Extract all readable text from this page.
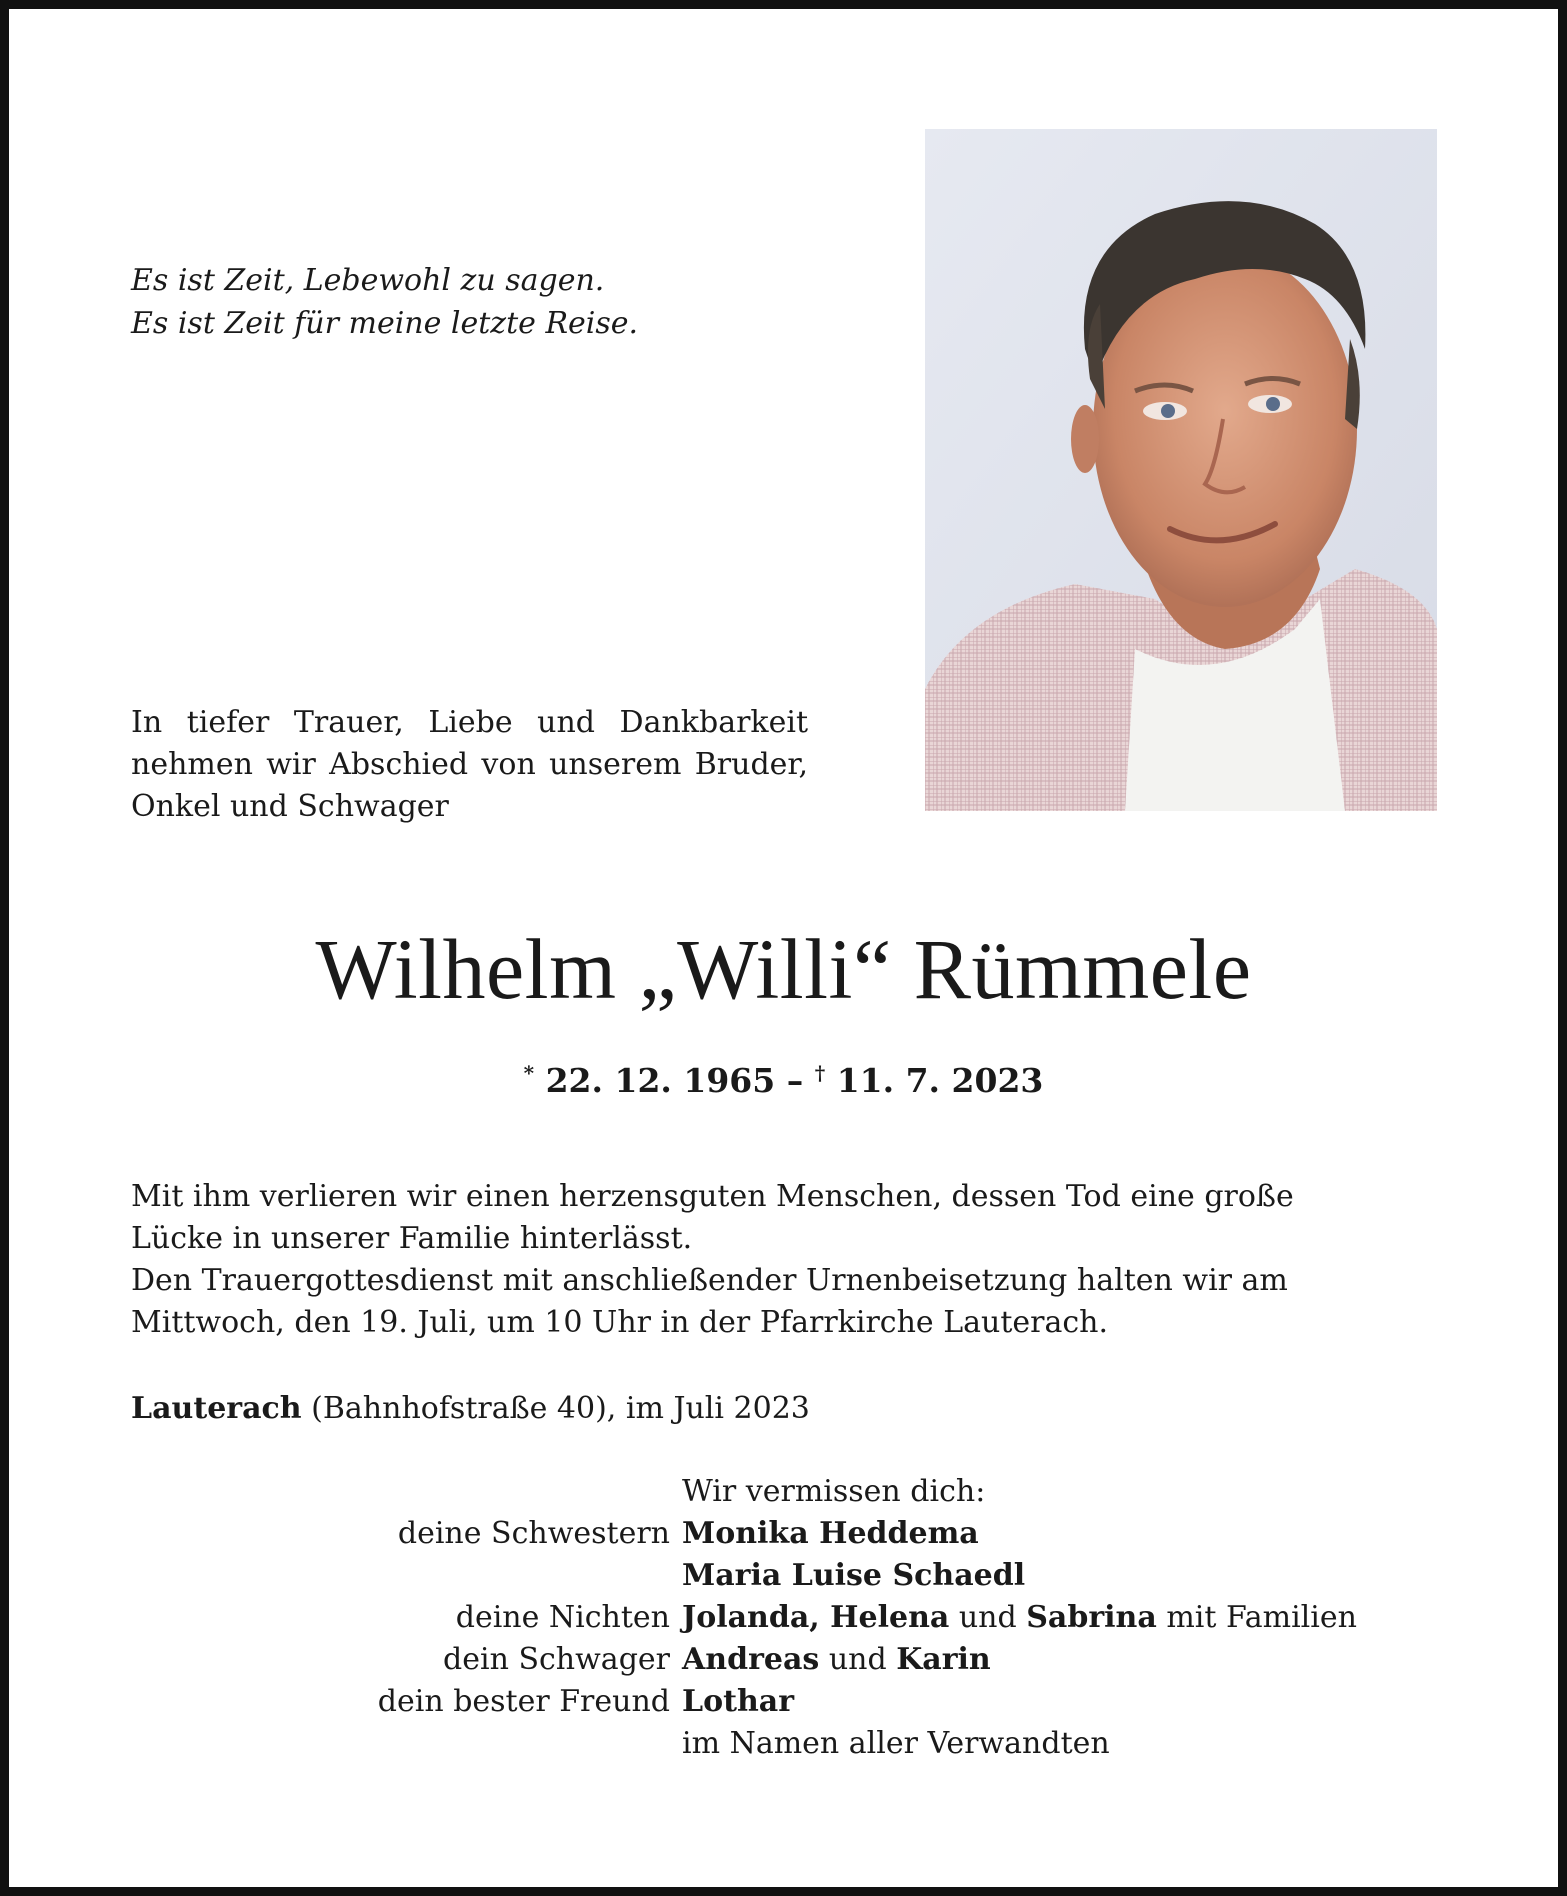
Es ist Zeit, Lebewohl zu sagen.
Es ist Zeit für meine letzte Reise.
In tiefer Trauer, Liebe und Dankbarkeit nehmen wir Abschied von unserem Bruder, Onkel und Schwager
Wilhelm „Willi“ Rümmele
* 22. 12. 1965 – † 11. 7. 2023
Mit ihm verlieren wir einen herzensguten Menschen, dessen Tod eine große
Lücke in unserer Familie hinterlässt.
Den Trauergottesdienst mit anschließender Urnenbeisetzung halten wir am
Mittwoch, den 19. Juli, um 10 Uhr in der Pfarrkirche Lauterach.
Lauterach (Bahnhofstraße 40), im Juli 2023
Wir vermissen dich:
deine Schwestern Monika Heddema
Maria Luise Schaedl
deine Nichten Jolanda, Helena und Sabrina mit Familien
dein Schwager Andreas und Karin
dein bester Freund Lothar
im Namen aller Verwandten
